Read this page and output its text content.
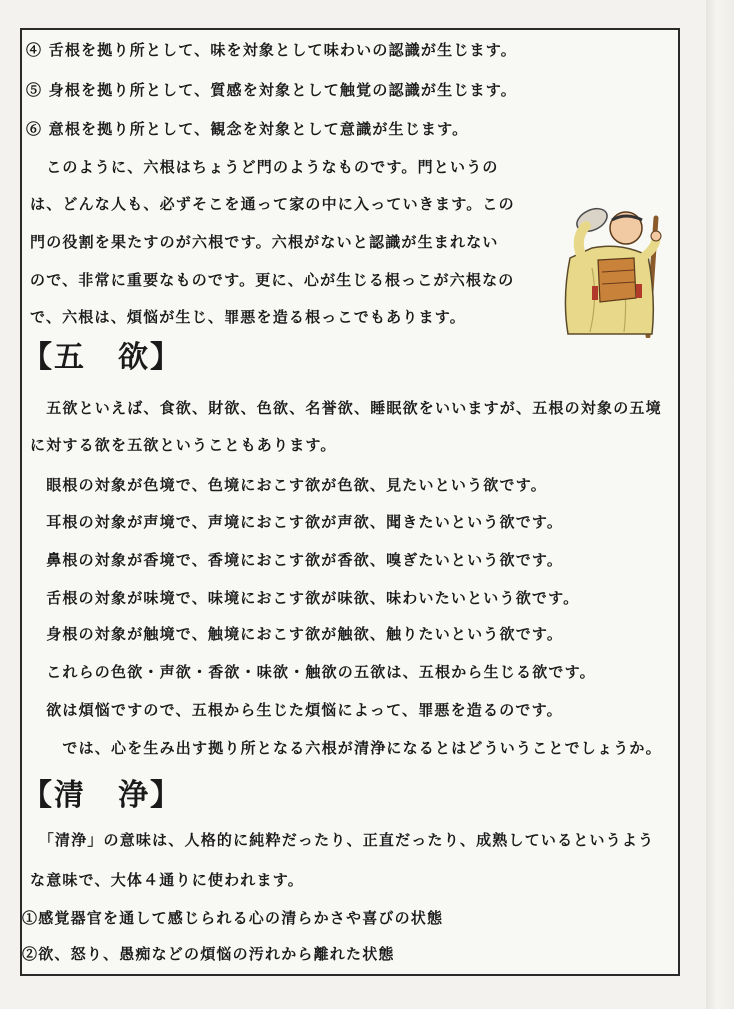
④ 舌根を拠り所として、味を対象として味わいの認識が生じます。
⑤ 身根を拠り所として、質感を対象として触覚の認識が生じます。
⑥ 意根を拠り所として、観念を対象として意識が生じます。
　このように、六根はちょうど門のようなものです。門というの
は、どんな人も、必ずそこを通って家の中に入っていきます。この
門の役割を果たすのが六根です。六根がないと認識が生まれない
ので、非常に重要なものです。更に、心が生じる根っこが六根なの
で、六根は、煩悩が生じ、罪悪を造る根っこでもあります。
【五　欲】
　五欲といえば、食欲、財欲、色欲、名誉欲、睡眠欲をいいますが、五根の対象の五境
に対する欲を五欲ということもあります。
　眼根の対象が色境で、色境におこす欲が色欲、見たいという欲です。
　耳根の対象が声境で、声境におこす欲が声欲、聞きたいという欲です。
　鼻根の対象が香境で、香境におこす欲が香欲、嗅ぎたいという欲です。
　舌根の対象が味境で、味境におこす欲が味欲、味わいたいという欲です。
　身根の対象が触境で、触境におこす欲が触欲、触りたいという欲です。
　これらの色欲・声欲・香欲・味欲・触欲の五欲は、五根から生じる欲です。
　欲は煩悩ですので、五根から生じた煩悩によって、罪悪を造るのです。
　　では、心を生み出す拠り所となる六根が清浄になるとはどういうことでしょうか。
【清　浄】
　「清浄」の意味は、人格的に純粋だったり、正直だったり、成熟しているというよう
な意味で、大体４通りに使われます。
①感覚器官を通して感じられる心の清らかさや喜びの状態
②欲、怒り、愚痴などの煩悩の汚れから離れた状態
